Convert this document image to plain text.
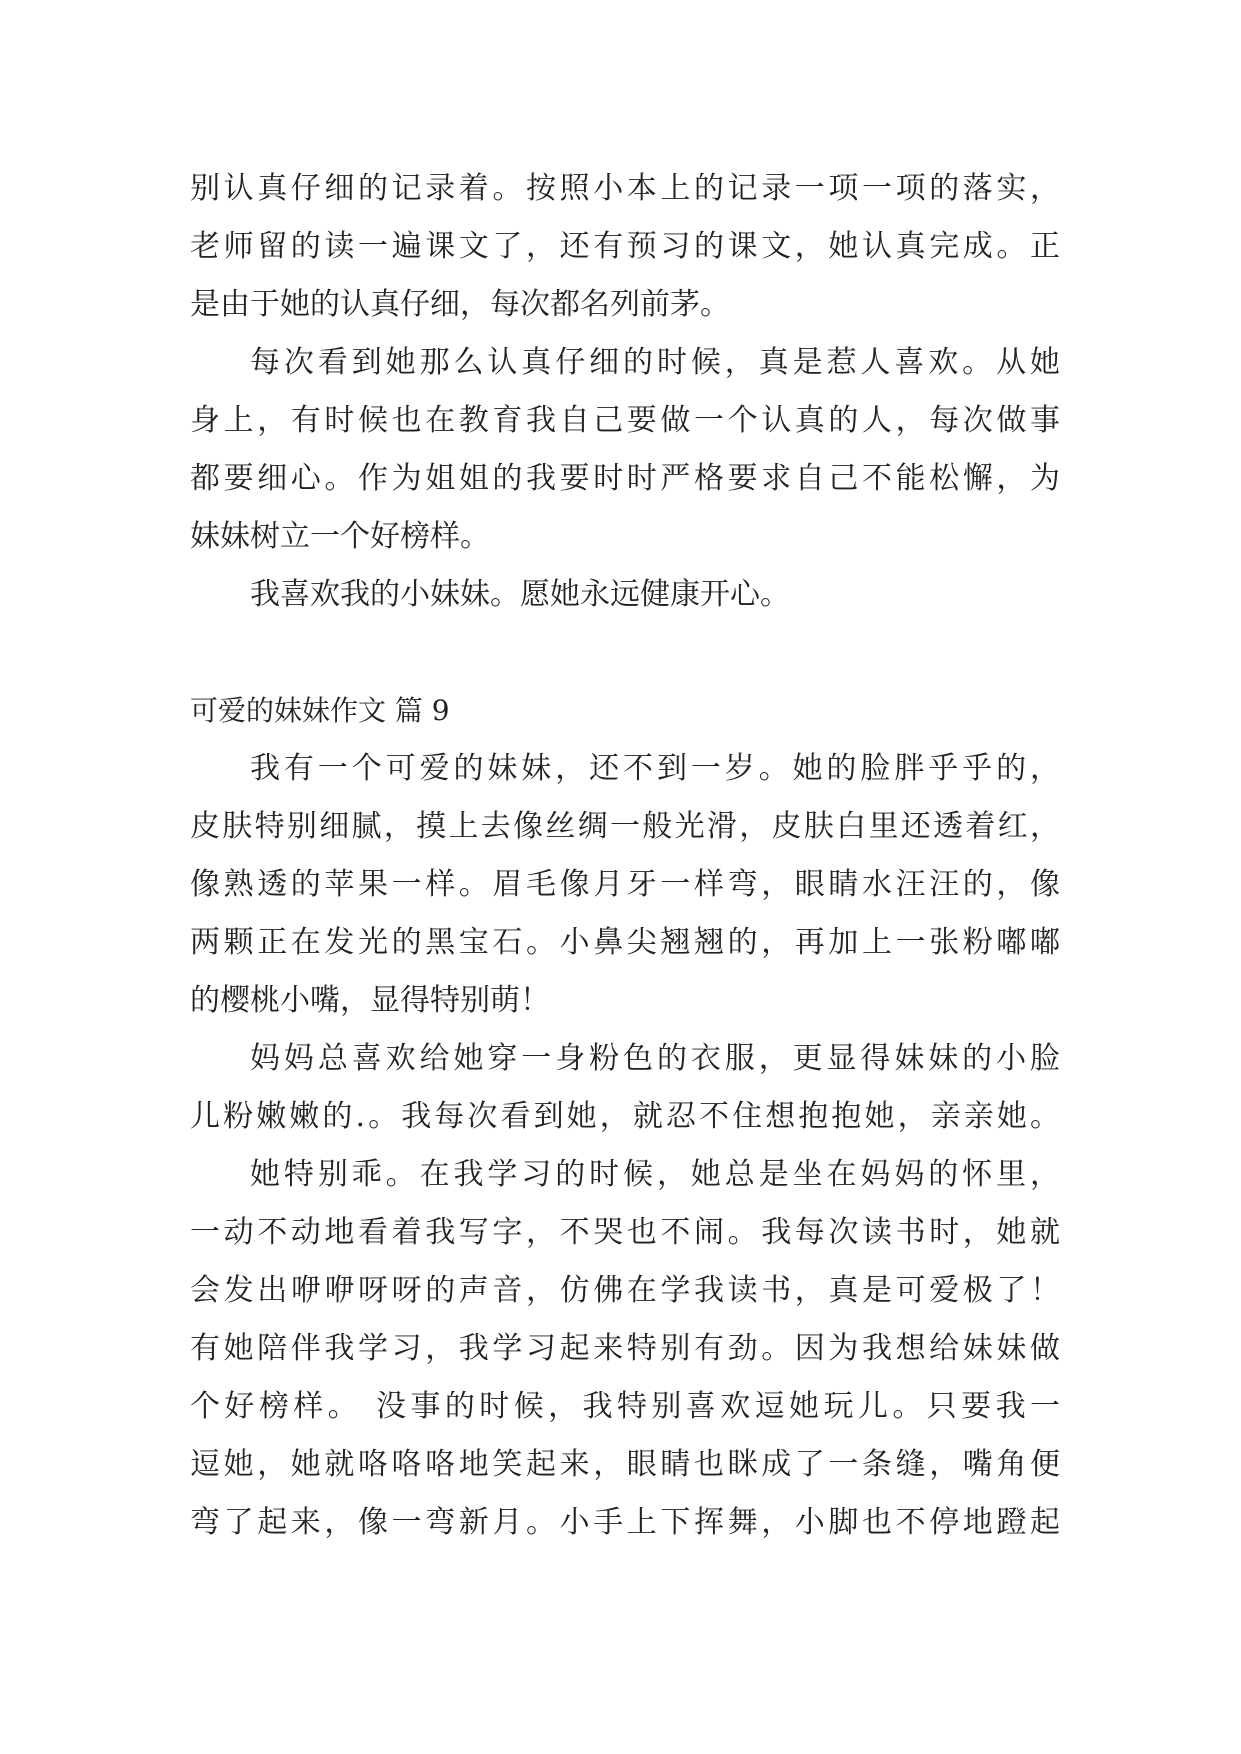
别认真仔细的记录着。按照小本上的记录一项一项的落实，
老师留的读一遍课文了，还有预习的课文，她认真完成。正
是由于她的认真仔细，每次都名列前茅。
每次看到她那么认真仔细的时候，真是惹人喜欢。从她
身上，有时候也在教育我自己要做一个认真的人，每次做事
都要细心。作为姐姐的我要时时严格要求自己不能松懈，为
妹妹树立一个好榜样。
我喜欢我的小妹妹。愿她永远健康开心。
可爱的妹妹作文 篇 9
我有一个可爱的妹妹，还不到一岁。她的脸胖乎乎的，
皮肤特别细腻，摸上去像丝绸一般光滑，皮肤白里还透着红，
像熟透的苹果一样。眉毛像月牙一样弯，眼睛水汪汪的，像
两颗正在发光的黑宝石。小鼻尖翘翘的，再加上一张粉嘟嘟
的樱桃小嘴，显得特别萌！
妈妈总喜欢给她穿一身粉色的衣服，更显得妹妹的小脸
儿粉嫩嫩的.。我每次看到她，就忍不住想抱抱她，亲亲她。
她特别乖。在我学习的时候，她总是坐在妈妈的怀里，
一动不动地看着我写字，不哭也不闹。我每次读书时，她就
会发出咿咿呀呀的声音，仿佛在学我读书，真是可爱极了！
有她陪伴我学习，我学习起来特别有劲。因为我想给妹妹做
个好榜样。 没事的时候，我特别喜欢逗她玩儿。只要我一
逗她，她就咯咯咯地笑起来，眼睛也眯成了一条缝，嘴角便
弯了起来，像一弯新月。小手上下挥舞，小脚也不停地蹬起
